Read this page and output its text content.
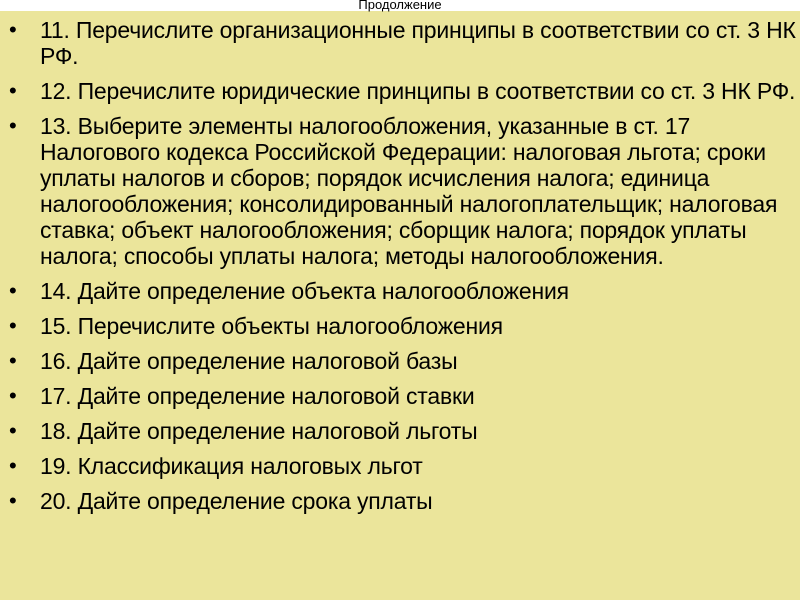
Продолжение
• 11. Перечислите организационные принципы в соответствии со ст. 3 НК РФ.
• 12. Перечислите юридические принципы в соответствии со ст. 3 НК РФ.
• 13. Выберите элементы налогообложения, указанные в ст. 17 Налогового кодекса Российской Федерации: налоговая льгота; сроки уплаты налогов и сборов; порядок исчисления налога; единица налогообложения; консолидированный налогоплательщик; налоговая ставка; объект налогообложения; сборщик налога; порядок уплаты налога; способы уплаты налога; методы налогообложения.
• 14. Дайте определение объекта налогообложения
• 15. Перечислите объекты налогообложения
• 16. Дайте определение налоговой базы
• 17. Дайте определение налоговой ставки
• 18. Дайте определение налоговой льготы
• 19. Классификация налоговых льгот
• 20. Дайте определение срока уплаты
